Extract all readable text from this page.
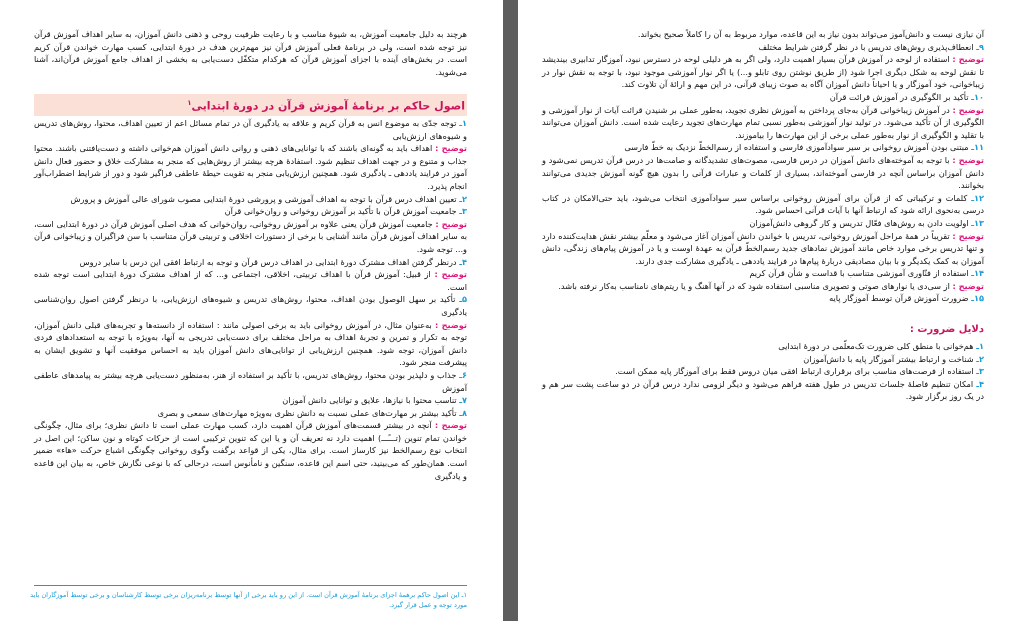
هرچند به دلیل جامعیت آموزش، به شیوهٔ مناسب و با رعایت ظرفیت روحی و ذهنی دانش آموزان، به سایر اهداف آموزش قرآن نیز توجه شده است، ولی در برنامهٔ فعلی آموزش قرآن نیز مهم‌ترین هدف در دورهٔ ابتدایی، کسب مهارت خواندن قرآن کریم است. در بخش‌های آینده با اجزای آموزش قرآن که هرکدام متکفّل دست‌یابی به بخشی از اهداف جامع آموزش قرآن‌اند، آشنا می‌شوید.

اصول حاکم بر برنامهٔ آموزش قرآن در دورهٔ ابتدایی$^۱$

۱ـ توجه جدّی به موضوع انس به قرآن کریم و علاقه به یادگیری آن در تمام مسائل اعم از تعیین اهداف، محتوا، روش‌های تدریس و شیوه‌های ارزش‌یابی

توضیح : اهداف باید به گونه‌ای باشند که با توانایی‌های ذهنی و روانی دانش آموزان هم‌خوانی داشته و دست‌یافتنی باشند. محتوا جذاب و متنوع و در جهت اهداف تنظیم شود. استفادهٔ هرچه بیشتر از روش‌هایی که منجر به مشارکت خلاق و حضور فعال دانش آموز در فرایند یاددهی ـ یادگیری شود. همچنین ارزش‌یابی منجر به تقویت حیطهٔ عاطفی فراگیر شود و دور از شرایط اضطراب‌آور انجام پذیرد.

۲ـ تعیین اهداف درس قرآن با توجه به اهداف آموزشی و پرورشی دورهٔ ابتدایی مصوب شورای عالی آموزش و پرورش

۳ـ جامعیت آموزش قرآن با تأکید بر آموزش روخوانی و روان‌خوانی قرآن

توضیح : جامعیت آموزش قرآن یعنی علاوه بر آموزش روخوانی، روان‌خوانی که هدف اصلی آموزش قرآن در دورهٔ ابتدایی است، به سایر اهداف آموزش قرآن مانند آشنایی با برخی از دستورات اخلاقی و تربیتی قرآن متناسب با سن فراگیران و زیباخوانی قرآن و... توجه شود.

۴ـ درنظر گرفتن اهداف مشترک دورهٔ ابتدایی در اهداف درس قرآن و توجه به ارتباط افقی این درس با سایر دروس

توضیح : از قبیل: آموزش قرآن با اهداف تربیتی، اخلاقی، اجتماعی و... که از اهداف مشترک دورهٔ ابتدایی است توجه شده است.

۵ـ تأکید بر سهل الوصول بودن اهداف، محتوا، روش‌های تدریس و شیوه‌های ارزش‌یابی، با درنظر گرفتن اصول روان‌شناسی یادگیری

توضیح : به‌عنوان مثال، در آموزش روخوانی باید به برخی اصولی مانند : استفاده از دانسته‌ها و تجربه‌های قبلی دانش آموزان، توجه به تکرار و تمرین و تجربهٔ اهداف به مراحل مختلف برای دست‌یابی تدریجی به آنها، به‌ویژه با توجه به استعدادهای فردی دانش آموزان، توجه شود. همچنین ارزش‌یابی از توانایی‌های دانش آموزان باید به احساس موفقیت آنها و تشویق ایشان به پیشرفت منجر شود.

۶ـ جذاب و دلپذیر بودن محتوا، روش‌های تدریس، با تأکید بر استفاده از هنر، به‌منظور دست‌یابی هرچه بیشتر به پیامدهای عاطفی آموزش

۷ـ تناسب محتوا با نیازها، علایق و توانایی دانش آموزان

۸ـ تأکید بیشتر بر مهارت‌های عملی نسبت به دانش نظری به‌ویژه مهارت‌های سمعی و بصری

توضیح : آنچه در بیشتر قسمت‌های آموزش قرآن اهمیت دارد، کسب مهارت عملی است تا دانش نظری؛ برای مثال، چگونگی خواندن تمام تنوین (تـــًـــ) اهمیت دارد نه تعریف آن و یا این که تنوین ترکیبی است از حرکات کوتاه و نون ساکن؛ این اصل در انتخاب نوع رسم‌الخط نیز کارساز است. برای مثال، یکی از قواعد برگفت وگوی روخوانی چگونگی اشباع حرکت «هاء» ضمیر است. همان‌طور که می‌بینید، حتی اسم این قاعده، سنگین و نامأنوس است، درحالی که با نوعی نگارش خاص، به بیان این قاعده و یادگیری

۱ـ این اصول حاکم برهمهٔ اجزای برنامهٔ آموزش قرآن است. از این رو باید برخی از آنها توسط برنامه‌ریزان برخی توسط کارشناسان و برخی توسط آموزگاران باید مورد توجه و عمل قرار گیرد.

آن نیازی نیست و دانش‌آموز می‌تواند بدون نیاز به این قاعده، موارد مربوط به آن را کاملاً صحیح بخواند.

۹ـ انعطاف‌پذیری روش‌های تدریس با در نظر گرفتن شرایط مختلف

توضیح : استفاده از لوحه در آموزش قرآن بسیار اهمیت دارد، ولی اگر به هر دلیلی لوحه در دسترس نبود، آموزگار تدابیری بیندیشد تا نقش لوحه به شکل دیگری اجرا شود (از طریق نوشتن روی تابلو و...) یا اگر نوار آموزشی موجود نبود، با توجه به نقش نوار در زیباخوانی، خود آموزگار و یا احیاناً دانش آموزان آگاه به صوت زیبای قرآنی، در این مهم و ارائهٔ آن تلاوت کند.

۱۰ـ تأکید بر الگوگیری در آموزش قرائت قرآن

توضیح : در آموزش زیباخوانی قرآن به‌جای پرداختن به آموزش نظری تجوید، به‌طور عملی بر شنیدن قرائت آیات از نوار آموزشی و الگوگیری از آن تأکید می‌شود. در تولید نوار آموزشی به‌طور نسبی تمام مهارت‌های تجوید رعایت شده است. دانش آموزان می‌توانند با تقلید و الگوگیری از نوار به‌طور عملی برخی از این مهارت‌ها را بیاموزند.

۱۱ـ مبتنی بودن آموزش روخوانی بر سیر سوادآموزی فارسی و استفاده از رسم‌الخطّ نزدیک به خطّ فارسی

توضیح : با توجه به آموخته‌های دانش آموزان در درس فارسی، مصوت‌های تشدیدگانه و صامت‌ها در درس قرآن تدریس نمی‌شود و دانش آموزان براساس آنچه در فارسی آموخته‌اند، بسیاری از کلمات و عبارات قرآنی را بدون هیچ گونه آموزش جدیدی می‌توانند بخوانند.

۱۲ـ کلمات و ترکیباتی که از قرآن برای آموزش روخوانی براساس سیر سوادآموزی انتخاب می‌شود، باید حتی‌الامکان در کتاب درسی به‌نحوی ارائه شود که ارتباط آنها با آیات قرآنی احساس شود.

۱۳ـ اولویت دادن به روش‌های فعّال تدریس و کار گروهی دانش‌آموزان

توضیح : تقریباً در همهٔ مراحل آموزش روخوانی، تدریس با خواندن دانش آموزان آغاز می‌شود و معلّم بیشتر نقش هدایت‌کننده دارد و تنها تدریس برخی موارد خاص مانند آموزش نمادهای جدید رسم‌الخطّ قرآن به عهدهٔ اوست و یا در آموزش پیام‌های زندگی، دانش آموزان به کمک یکدیگر و با بیان مصادیقی دربارهٔ پیام‌ها در فرایند یاددهی ـ یادگیری مشارکت جدی دارند.

۱۴ـ استفاده از فنّاوری آموزشی متناسب با قداست و شأن قرآن کریم

توضیح : از سی‌دی یا نوارهای صوتی و تصویری مناسبی استفاده شود که در آنها آهنگ و یا ریتم‌های نامناسب به‌کار نرفته باشد.

۱۵ـ ضرورت آموزش قرآن توسط آموزگار پایه

دلایل ضرورت :

۱ـ هم‌خوانی با منطق کلی ضرورت تک‌معلّمی در دورهٔ ابتدایی

۲ـ شناخت و ارتباط بیشتر آموزگار پایه با دانش‌آموزان

۳ـ استفاده از فرصت‌های مناسب برای برقراری ارتباط افقی میان دروس فقط برای آموزگار پایه ممکن است.

۴ـ امکان تنظیم فاصلهٔ جلسات تدریس در طول هفته فراهم می‌شود و دیگر لزومی ندارد درس قرآن در دو ساعت پشت سر هم و در یک روز برگزار شود.
